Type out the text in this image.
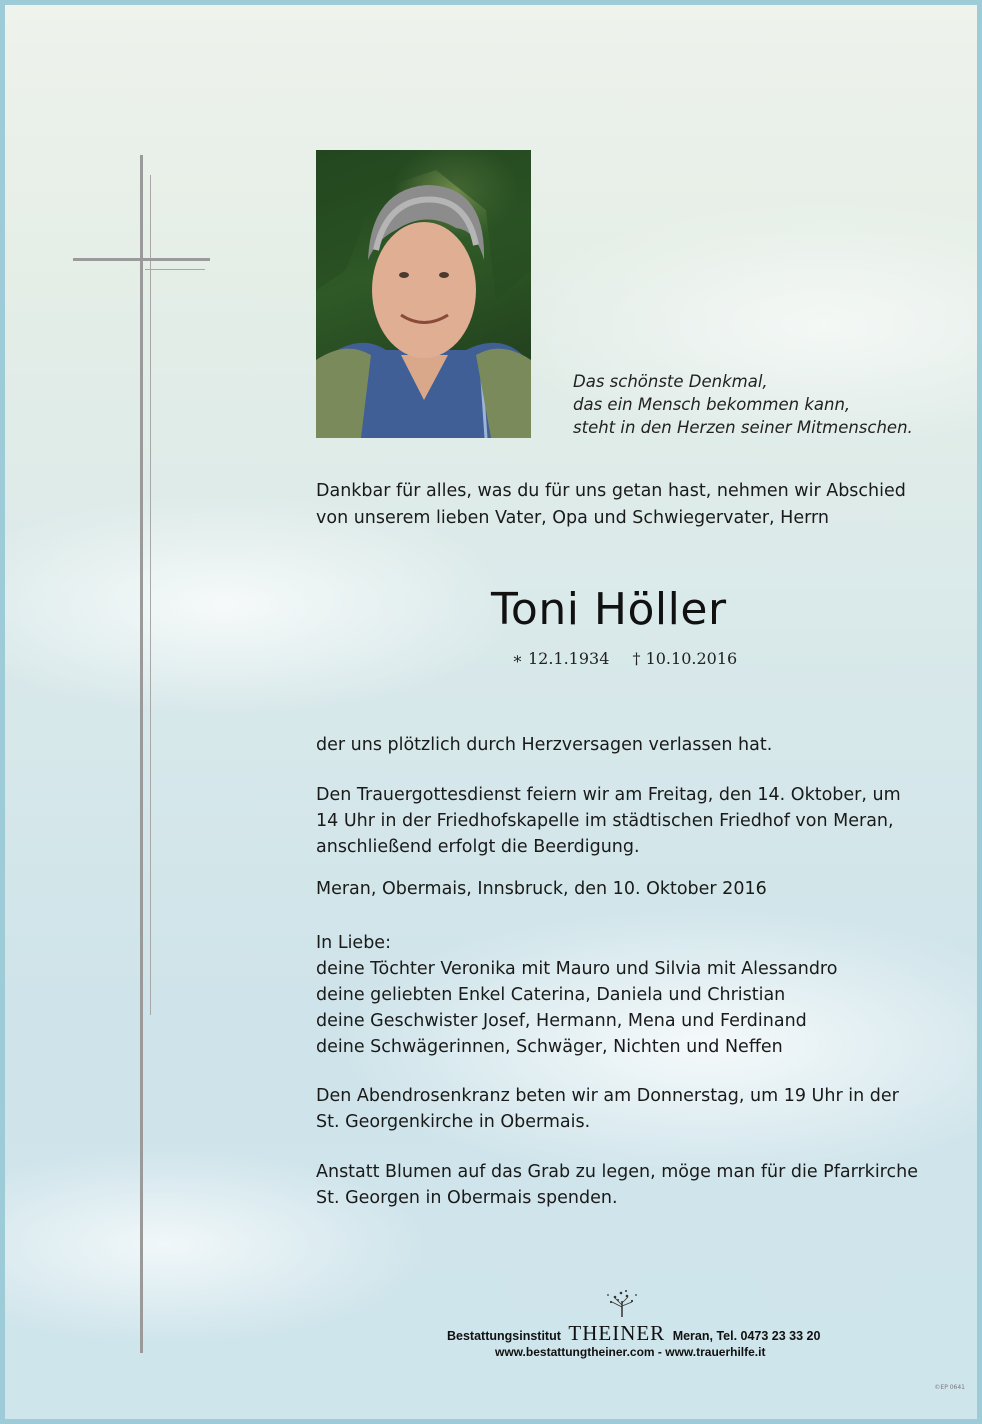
Das schönste Denkmal,
das ein Mensch bekommen kann,
steht in den Herzen seiner Mitmenschen.
Dankbar für alles, was du für uns getan hast, nehmen wir Abschied
von unserem lieben Vater, Opa und Schwiegervater, Herrn
Toni Höller
∗ 12.1.1934 † 10.10.2016
der uns plötzlich durch Herzversagen verlassen hat.
Den Trauergottesdienst feiern wir am Freitag, den 14. Oktober, um
14 Uhr in der Friedhofskapelle im städtischen Friedhof von Meran,
anschließend erfolgt die Beerdigung.
Meran, Obermais, Innsbruck, den 10. Oktober 2016
In Liebe:
deine Töchter Veronika mit Mauro und Silvia mit Alessandro
deine geliebten Enkel Caterina, Daniela und Christian
deine Geschwister Josef, Hermann, Mena und Ferdinand
deine Schwägerinnen, Schwäger, Nichten und Neffen
Den Abendrosenkranz beten wir am Donnerstag, um 19 Uhr in der
St. Georgenkirche in Obermais.
Anstatt Blumen auf das Grab zu legen, möge man für die Pfarrkirche
St. Georgen in Obermais spenden.
Bestattungsinstitut THEINER Meran, Tel. 0473 23 33 20
www.bestattungtheiner.com - www.trauerhilfe.it
©EP 0641
